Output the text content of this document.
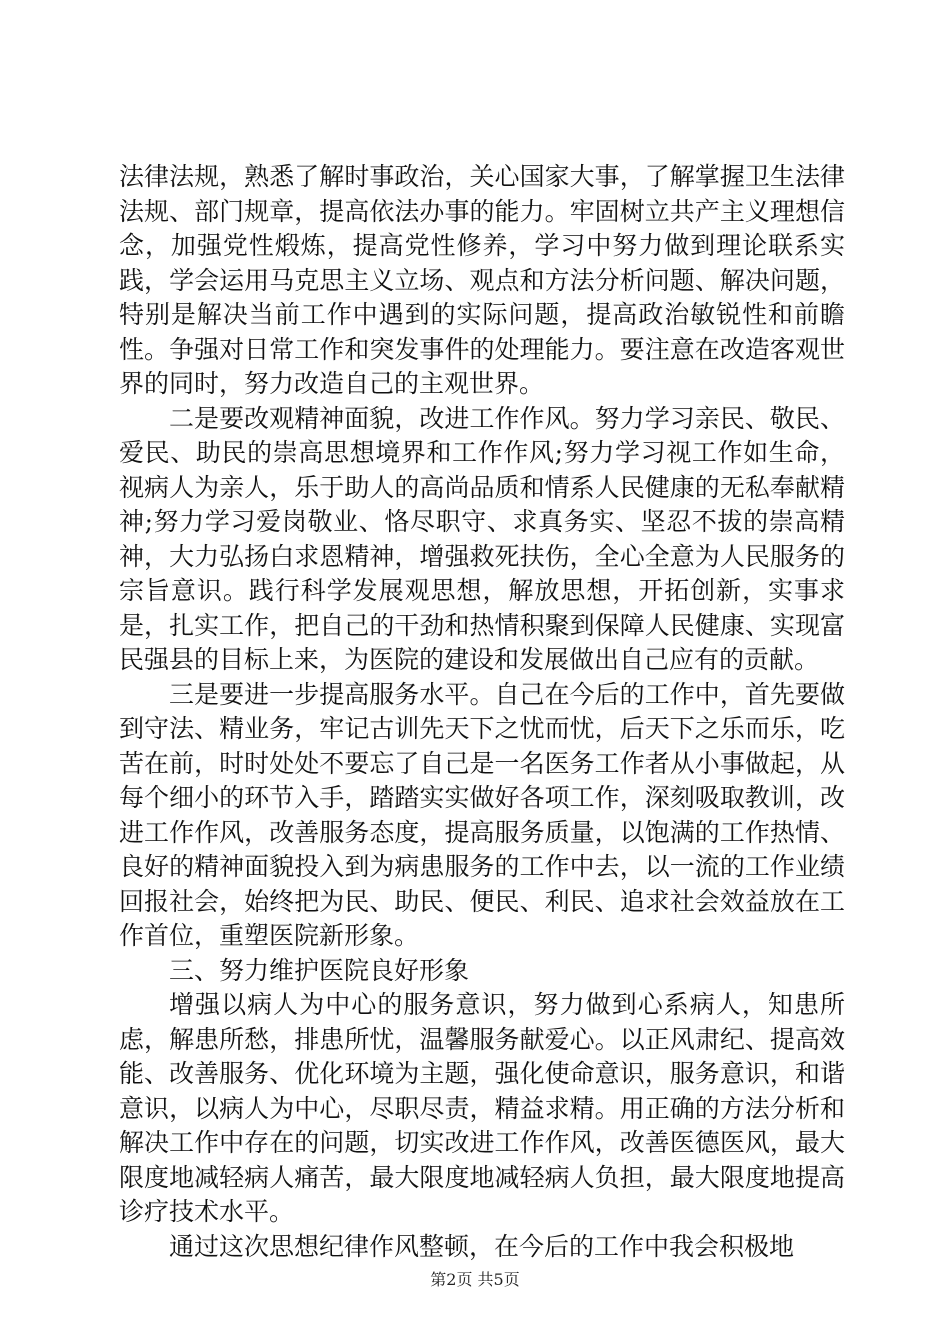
法律法规，熟悉了解时事政治，关心国家大事，了解掌握卫生法律法规、部门规章，提高依法办事的能力。牢固树立共产主义理想信念，加强党性煅炼，提高党性修养，学习中努力做到理论联系实践，学会运用马克思主义立场、观点和方法分析问题、解决问题，特别是解决当前工作中遇到的实际问题，提高政治敏锐性和前瞻性。争强对日常工作和突发事件的处理能力。要注意在改造客观世界的同时，努力改造自己的主观世界。

二是要改观精神面貌，改进工作作风。努力学习亲民、敬民、爱民、助民的崇高思想境界和工作作风;努力学习视工作如生命，视病人为亲人，乐于助人的高尚品质和情系人民健康的无私奉献精神;努力学习爱岗敬业、恪尽职守、求真务实、坚忍不拔的崇高精神，大力弘扬白求恩精神，增强救死扶伤，全心全意为人民服务的宗旨意识。践行科学发展观思想，解放思想，开拓创新，实事求是，扎实工作，把自己的干劲和热情积聚到保障人民健康、实现富民强县的目标上来，为医院的建设和发展做出自己应有的贡献。

三是要进一步提高服务水平。自己在今后的工作中，首先要做到守法、精业务，牢记古训先天下之忧而忧，后天下之乐而乐，吃苦在前，时时处处不要忘了自己是一名医务工作者从小事做起，从每个细小的环节入手，踏踏实实做好各项工作，深刻吸取教训，改进工作作风，改善服务态度，提高服务质量，以饱满的工作热情、良好的精神面貌投入到为病患服务的工作中去，以一流的工作业绩回报社会，始终把为民、助民、便民、利民、追求社会效益放在工作首位，重塑医院新形象。

三、努力维护医院良好形象

增强以病人为中心的服务意识，努力做到心系病人，知患所虑，解患所愁，排患所忧，温馨服务献爱心。以正风肃纪、提高效能、改善服务、优化环境为主题，强化使命意识，服务意识，和谐意识，以病人为中心，尽职尽责，精益求精。用正确的方法分析和解决工作中存在的问题，切实改进工作作风，改善医德医风，最大限度地减轻病人痛苦，最大限度地减轻病人负担，最大限度地提高诊疗技术水平。

通过这次思想纪律作风整顿，在今后的工作中我会积极地

第2页 共5页
